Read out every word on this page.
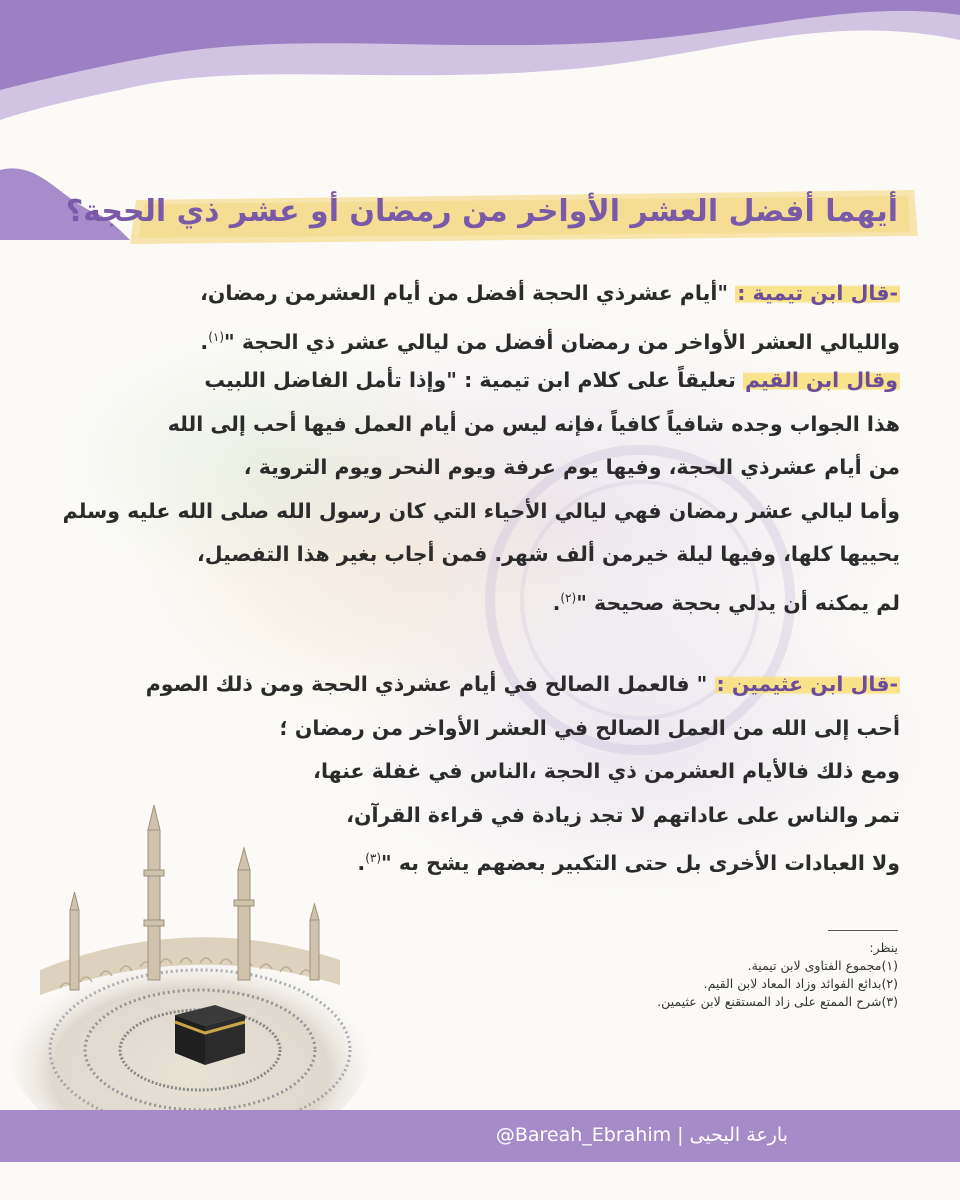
أيهما أفضل العشر الأواخر من رمضان أو عشر ذي الحجة؟
-قال ابن تيمية : "أيام عشرذي الحجة أفضل من أيام العشرمن رمضان،
والليالي العشر الأواخر من رمضان أفضل من ليالي عشر ذي الحجة "$^{(١)}$.
وقال ابن القيم تعليقاً على كلام ابن تيمية : "وإذا تأمل الفاضل اللبيب
هذا الجواب وجده شافياً كافياً ،فإنه ليس من أيام العمل فيها أحب إلى الله
من أيام عشرذي الحجة، وفيها يوم عرفة ويوم النحر ويوم التروية ،
وأما ليالي عشر رمضان فهي ليالي الأحياء التي كان رسول الله صلى الله عليه وسلم
يحييها كلها، وفيها ليلة خيرمن ألف شهر. فمن أجاب بغير هذا التفصيل،
لم يمكنه أن يدلي بحجة صحيحة "$^{(٢)}$.
-قال ابن عثيمين : " فالعمل الصالح في أيام عشرذي الحجة ومن ذلك الصوم
أحب إلى الله من العمل الصالح في العشر الأواخر من رمضان ؛
ومع ذلك فالأيام العشرمن ذي الحجة ،الناس في غفلة عنها،
تمر والناس على عاداتهم لا تجد زيادة في قراءة القرآن،
ولا العبادات الأخرى بل حتى التكبير بعضهم يشح به "$^{(٣)}$.
ينظر:
(١)مجموع الفتاوى لابن تيمية.
(٢)بدائع الفوائد وزاد المعاد لابن القيم.
(٣)شرح الممتع على زاد المستقنع لابن عثيمين.
@Bareah_Ebrahim | بارعة اليحيى
